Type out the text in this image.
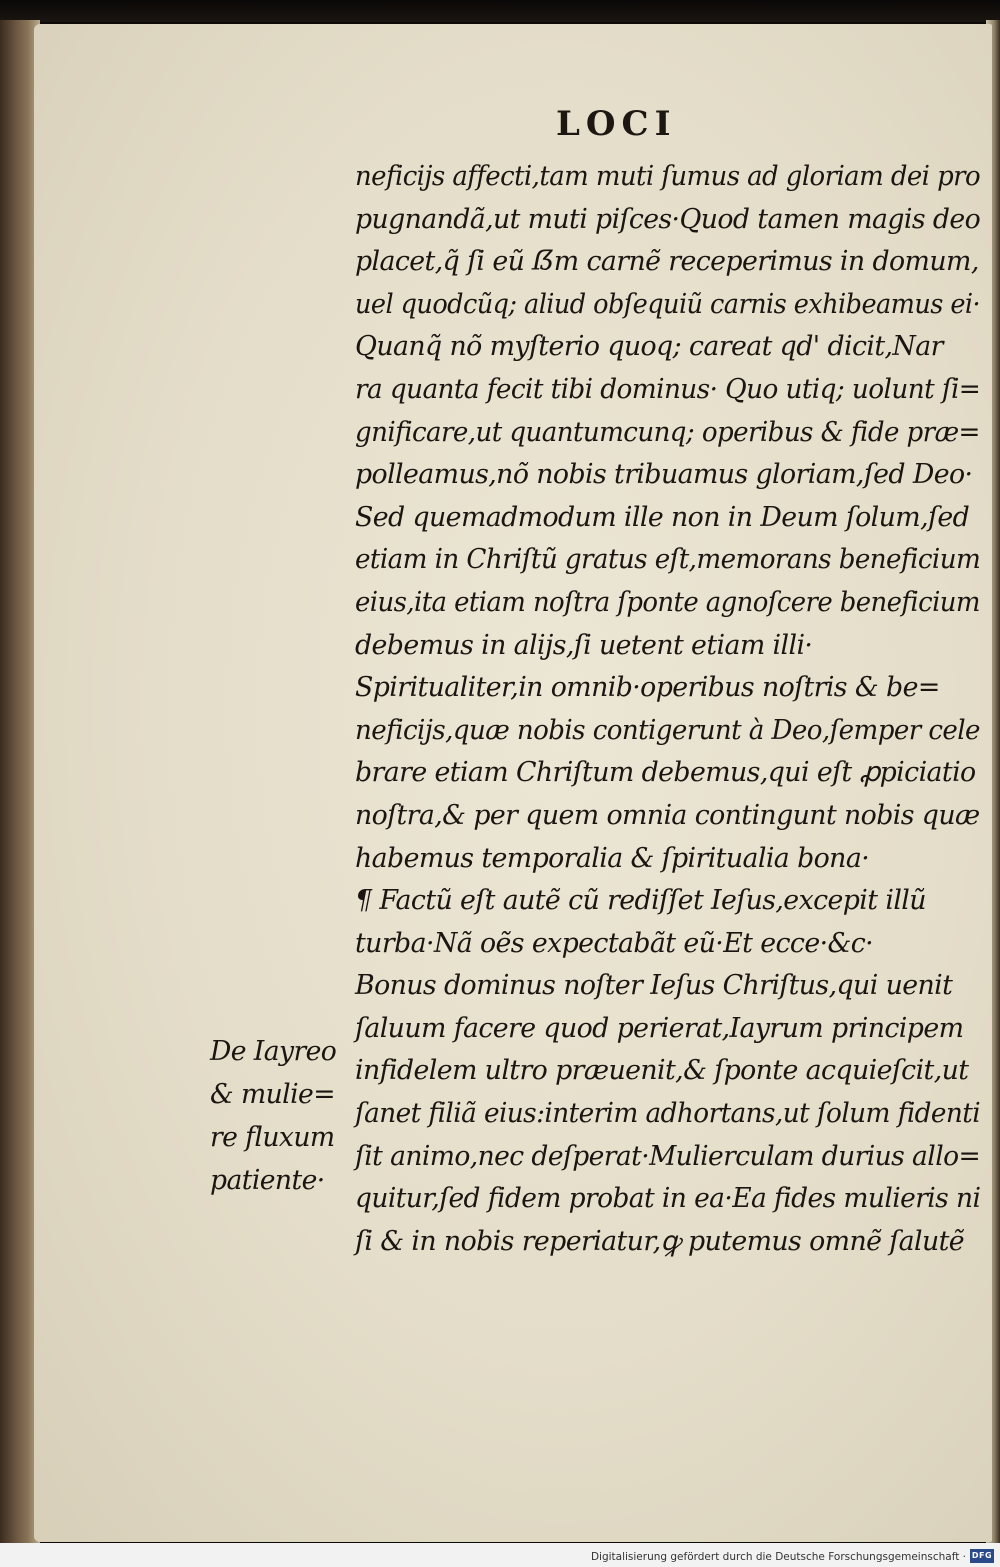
LOCI
neficijs affecti,tam muti ſumus ad gloriam dei pro
pugnandã,ut muti piſces·Quod tamen magis deo
placet,q̃ ſi eũ ẞm carnẽ receperimus in domum,
uel quodcũq; aliud obſequiũ carnis exhibeamus ei·
Quanq̃ nõ myſterio quoq; careat qd' dicit,Nar
ra quanta fecit tibi dominus· Quo utiq; uolunt ſi=
gnificare,ut quantumcunq; operibus & fide præ=
polleamus,nõ nobis tribuamus gloriam,ſed Deo·
Sed quemadmodum ille non in Deum ſolum,ſed
etiam in Chriſtũ gratus eſt,memorans beneficium
eius,ita etiam noſtra ſponte agnoſcere beneficium
debemus in alijs,ſi uetent etiam illi·
Spiritualiter,in omnib·operibus noſtris & be=
neficijs,quæ nobis contigerunt à Deo,ſemper cele
brare etiam Chriſtum debemus,qui eſt ꝓpiciatio
noſtra,& per quem omnia contingunt nobis quæ
habemus temporalia & ſpiritualia bona·
¶ Factũ eſt autẽ cũ rediſſet Ieſus,excepit illũ
turba·Nã oẽs expectabãt eũ·Et ecce·&c·
Bonus dominus noſter Ieſus Chriſtus,qui uenit
ſaluum facere quod perierat,Iayrum principem
infidelem ultro præuenit,& ſponte acquieſcit,ut
ſanet filiã eius:interim adhortans,ut ſolum fidenti
ſit animo,nec deſperat·Mulierculam durius allo=
quitur,ſed fidem probat in ea·Ea fides mulieris ni
ſi & in nobis reperiatur,ꝙ putemus omnẽ ſalutẽ
De Iayreo
& mulie=
re fluxum
patiente·
Digitalisierung gefördert durch die Deutsche Forschungsgemeinschaft · DFG
